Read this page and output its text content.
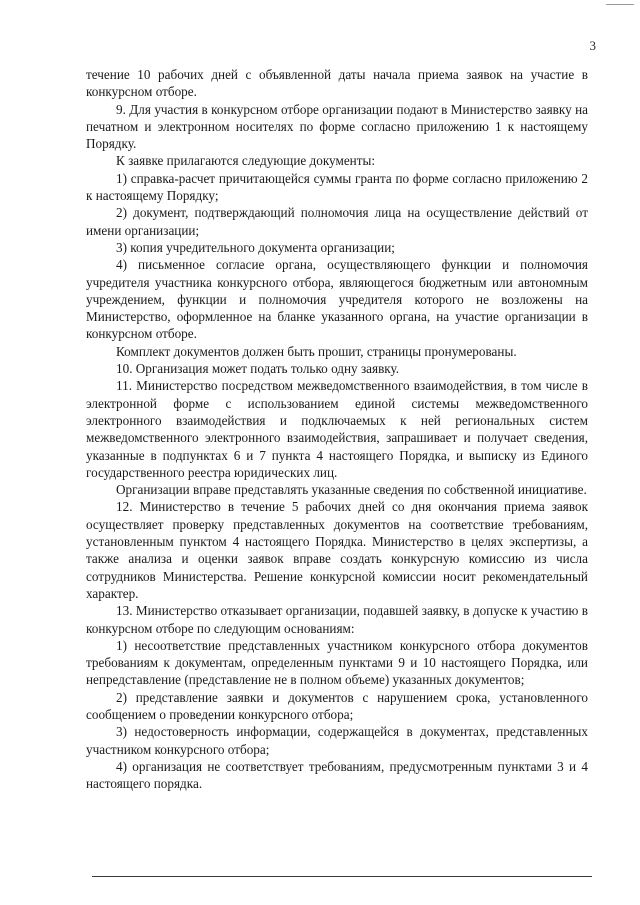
3

течение 10 рабочих дней с объявленной даты начала приема заявок на участие в конкурсном отборе.

9. Для участия в конкурсном отборе организации подают в Министерство заявку на печатном и электронном носителях по форме согласно приложению 1 к настоящему Порядку.

К заявке прилагаются следующие документы:

1) справка-расчет причитающейся суммы гранта по форме согласно приложению 2 к настоящему Порядку;

2) документ, подтверждающий полномочия лица на осуществление действий от имени организации;

3) копия учредительного документа организации;

4) письменное согласие органа, осуществляющего функции и полномочия учредителя участника конкурсного отбора, являющегося бюджетным или автономным учреждением, функции и полномочия учредителя которого не возложены на Министерство, оформленное на бланке указанного органа, на участие организации в конкурсном отборе.

Комплект документов должен быть прошит, страницы пронумерованы.

10. Организация может подать только одну заявку.

11. Министерство посредством межведомственного взаимодействия, в том числе в электронной форме с использованием единой системы межведомственного электронного взаимодействия и подключаемых к ней региональных систем межведомственного электронного взаимодействия, запрашивает и получает сведения, указанные в подпунктах 6 и 7 пункта 4 настоящего Порядка, и выписку из Единого государственного реестра юридических лиц.

Организации вправе представлять указанные сведения по собственной инициативе.

12. Министерство в течение 5 рабочих дней со дня окончания приема заявок осуществляет проверку представленных документов на соответствие требованиям, установленным пунктом 4 настоящего Порядка. Министерство в целях экспертизы, а также анализа и оценки заявок вправе создать конкурсную комиссию из числа сотрудников Министерства. Решение конкурсной комиссии носит рекомендательный характер.

13. Министерство отказывает организации, подавшей заявку, в допуске к участию в конкурсном отборе по следующим основаниям:

1) несоответствие представленных участником конкурсного отбора документов требованиям к документам, определенным пунктами 9 и 10 настоящего Порядка, или непредставление (представление не в полном объеме) указанных документов;

2) представление заявки и документов с нарушением срока, установленного сообщением о проведении конкурсного отбора;

3) недостоверность информации, содержащейся в документах, представленных участником конкурсного отбора;

4) организация не соответствует требованиям, предусмотренным пунктами 3 и 4 настоящего порядка.
